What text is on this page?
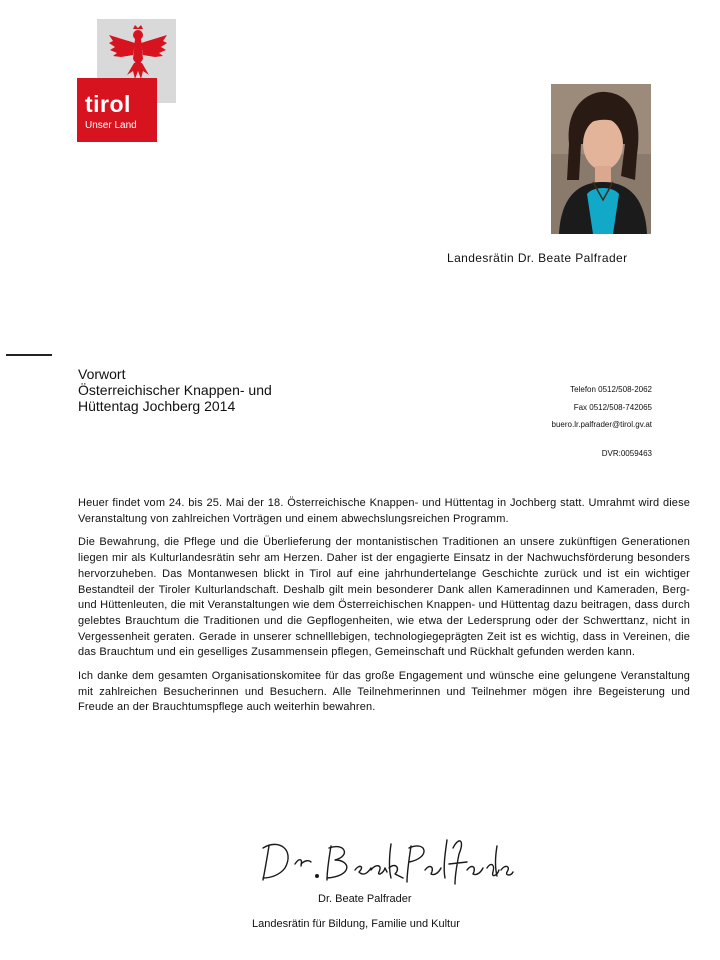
tirol
Unser Land
Landesrätin Dr. Beate Palfrader
Vorwort
Österreichischer Knappen- und
Hüttentag Jochberg 2014
Telefon 0512/508-2062
Fax 0512/508-742065
buero.lr.palfrader@tirol.gv.at
DVR:0059463

Heuer findet vom 24. bis 25. Mai der 18. Österreichische Knappen- und Hüttentag in Jochberg statt. Umrahmt wird diese Veranstaltung von zahlreichen Vorträgen und einem abwechslungsreichen Programm.

Die Bewahrung, die Pflege und die Überlieferung der montanistischen Traditionen an unsere zukünftigen Generationen liegen mir als Kulturlandesrätin sehr am Herzen. Daher ist der engagierte Einsatz in der Nachwuchsförderung besonders hervorzuheben. Das Montanwesen blickt in Tirol auf eine jahrhundertelange Geschichte zurück und ist ein wichtiger Bestandteil der Tiroler Kulturlandschaft. Deshalb gilt mein besonderer Dank allen Kameradinnen und Kameraden, Berg- und Hüttenleuten, die mit Veranstaltungen wie dem Österreichischen Knappen- und Hüttentag dazu beitragen, dass durch gelebtes Brauchtum die Traditionen und die Gepflogenheiten, wie etwa der Ledersprung oder der Schwerttanz, nicht in Vergessenheit geraten. Gerade in unserer schnelllebigen, technologiegeprägten Zeit ist es wichtig, dass in Vereinen, die das Brauchtum und ein geselliges Zusammensein pflegen, Gemeinschaft und Rückhalt gefunden werden kann.

Ich danke dem gesamten Organisationskomitee für das große Engagement und wünsche eine gelungene Veranstaltung mit zahlreichen Besucherinnen und Besuchern. Alle Teilnehmerinnen und Teilnehmer mögen ihre Begeisterung und Freude an der Brauchtumspflege auch weiterhin bewahren.

Dr. Beate Palfrader
Landesrätin für Bildung, Familie und Kultur
